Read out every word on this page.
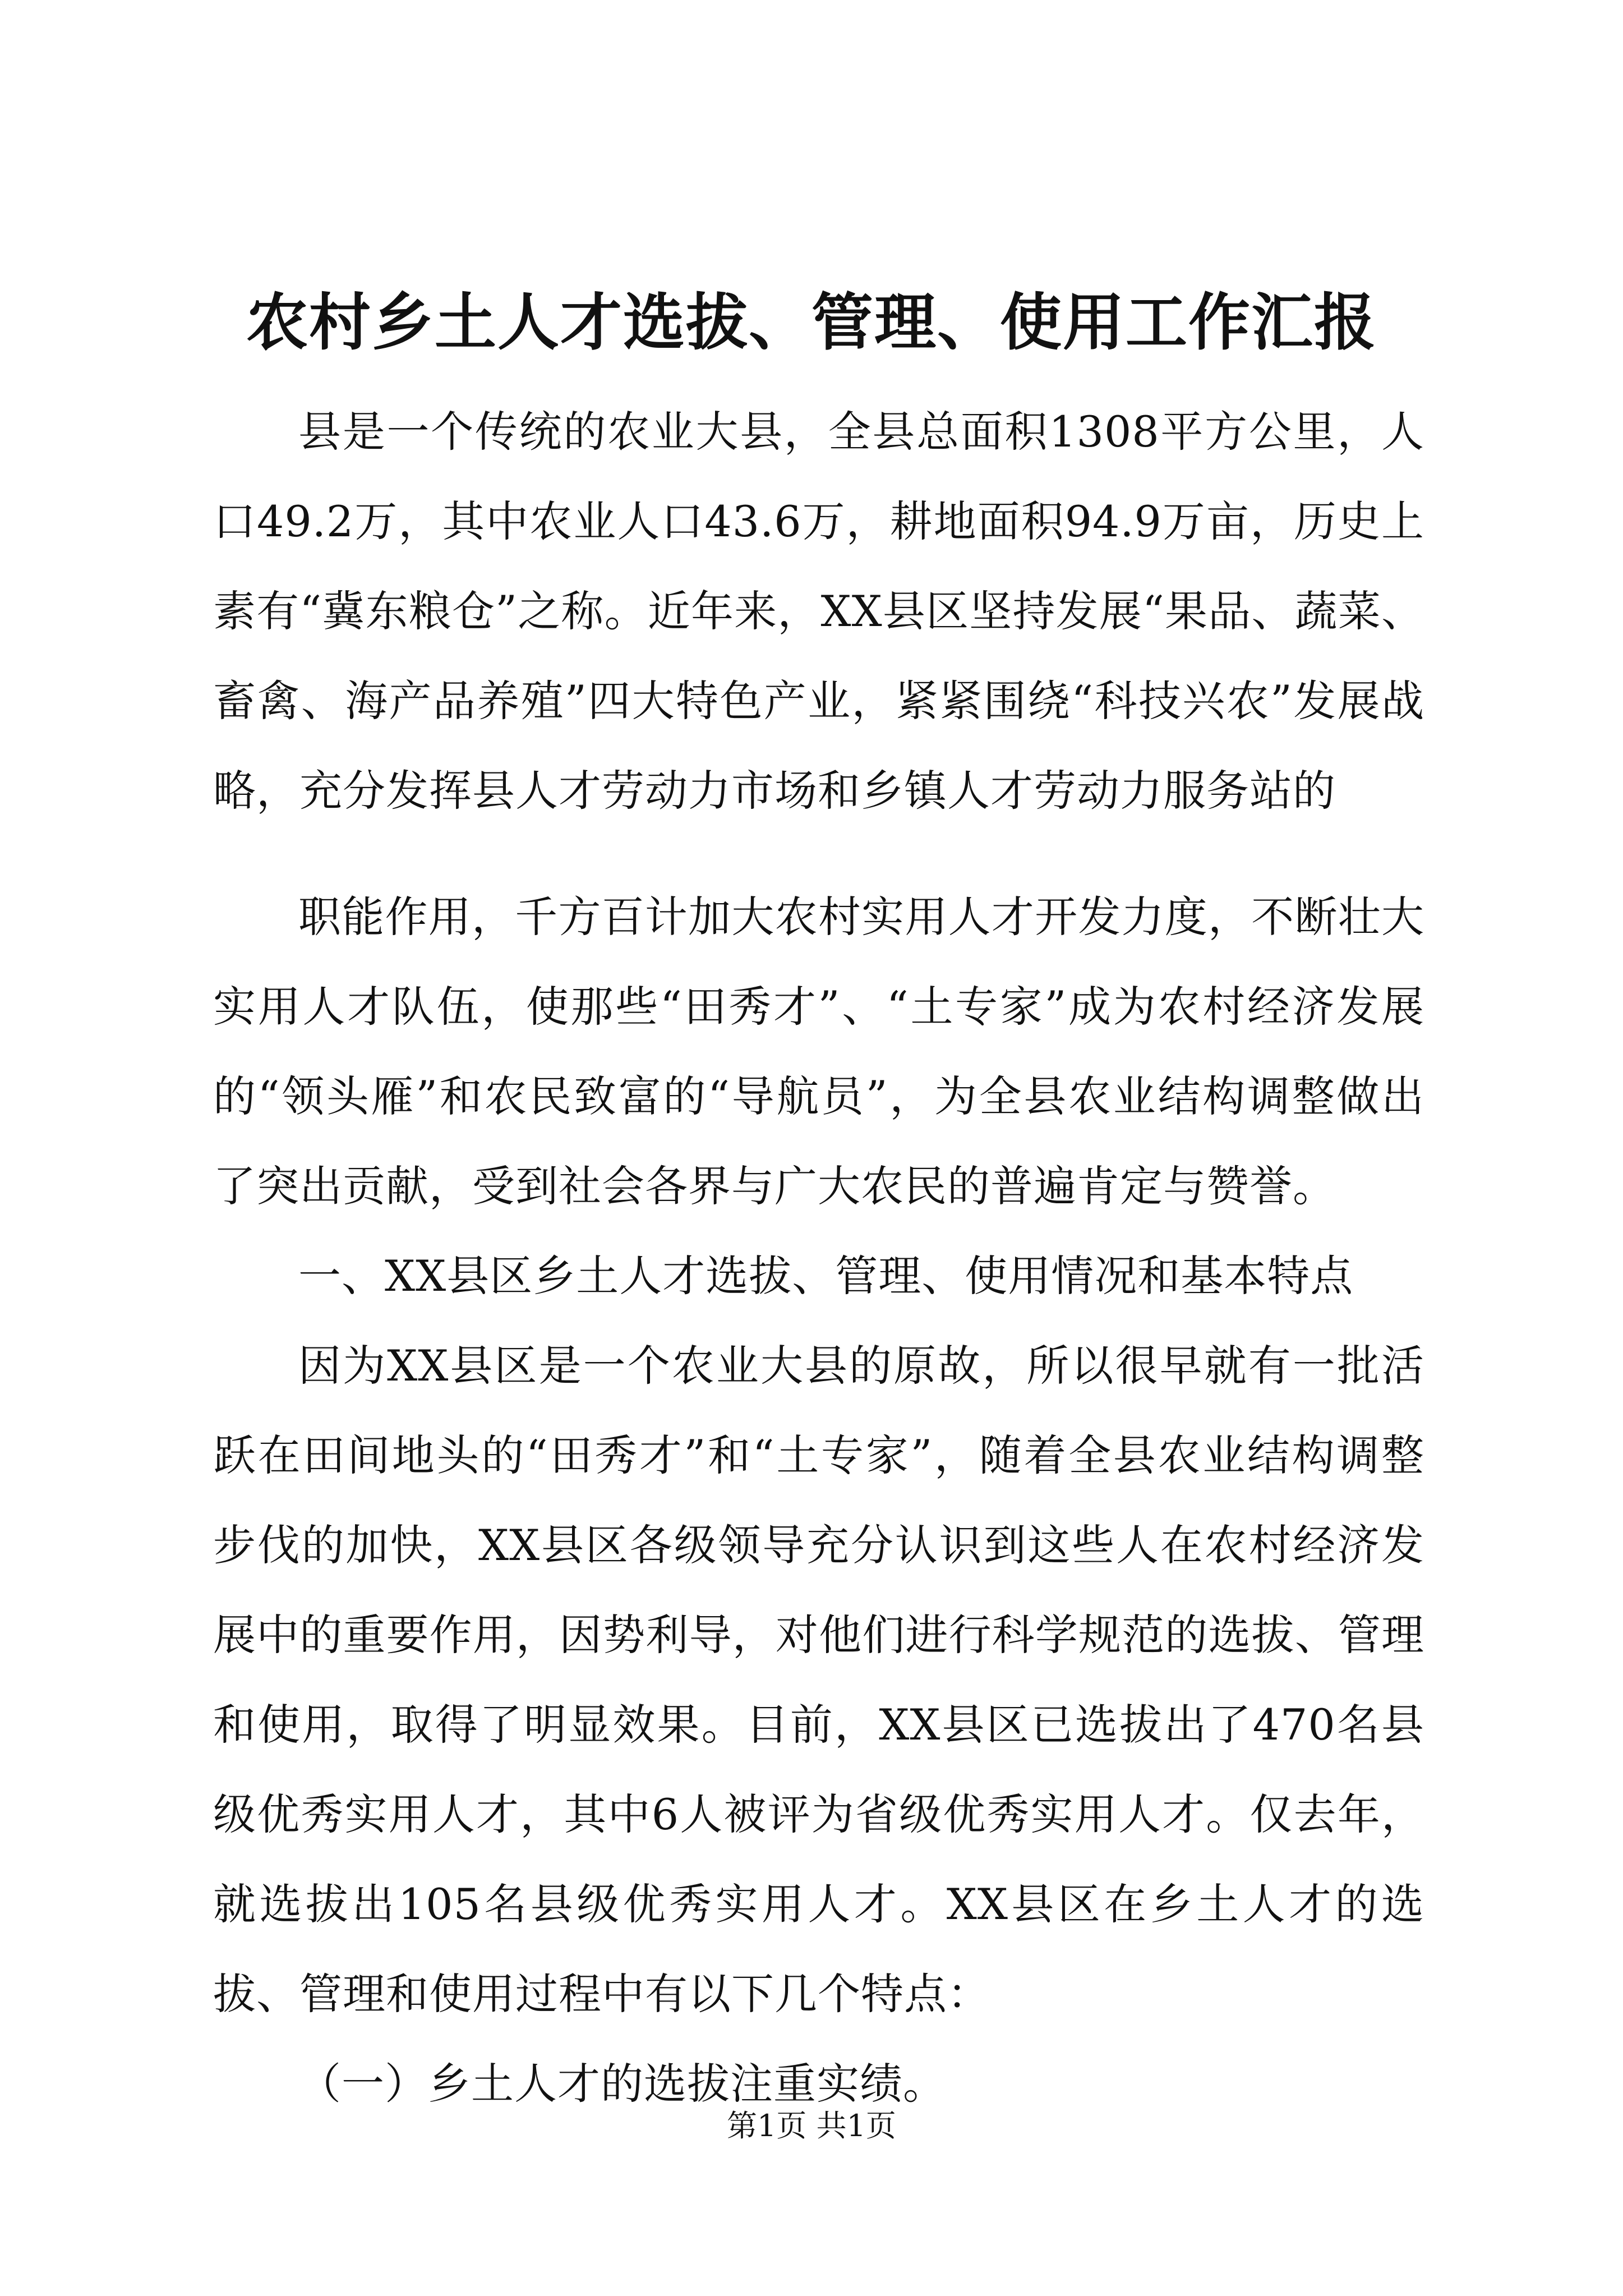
农村乡土人才选拔、管理、使用工作汇报

县是一个传统的农业大县，全县总面积1308平方公里，人口49.2万，其中农业人口43.6万，耕地面积94.9万亩，历史上素有“冀东粮仓”之称。近年来，XX县区坚持发展“果品、蔬菜、畜禽、海产品养殖”四大特色产业，紧紧围绕“科技兴农”发展战略，充分发挥县人才劳动力市场和乡镇人才劳动力服务站的

职能作用，千方百计加大农村实用人才开发力度，不断壮大实用人才队伍，使那些“田秀才”、“土专家”成为农村经济发展的“领头雁”和农民致富的“导航员”，为全县农业结构调整做出了突出贡献，受到社会各界与广大农民的普遍肯定与赞誉。

一、XX县区乡土人才选拔、管理、使用情况和基本特点

因为XX县区是一个农业大县的原故，所以很早就有一批活跃在田间地头的“田秀才”和“土专家”，随着全县农业结构调整步伐的加快，XX县区各级领导充分认识到这些人在农村经济发展中的重要作用，因势利导，对他们进行科学规范的选拔、管理和使用，取得了明显效果。目前，XX县区已选拔出了470名县级优秀实用人才，其中6人被评为省级优秀实用人才。仅去年，就选拔出105名县级优秀实用人才。XX县区在乡土人才的选拔、管理和使用过程中有以下几个特点：

（一）乡土人才的选拔注重实绩。

第1页 共1页
